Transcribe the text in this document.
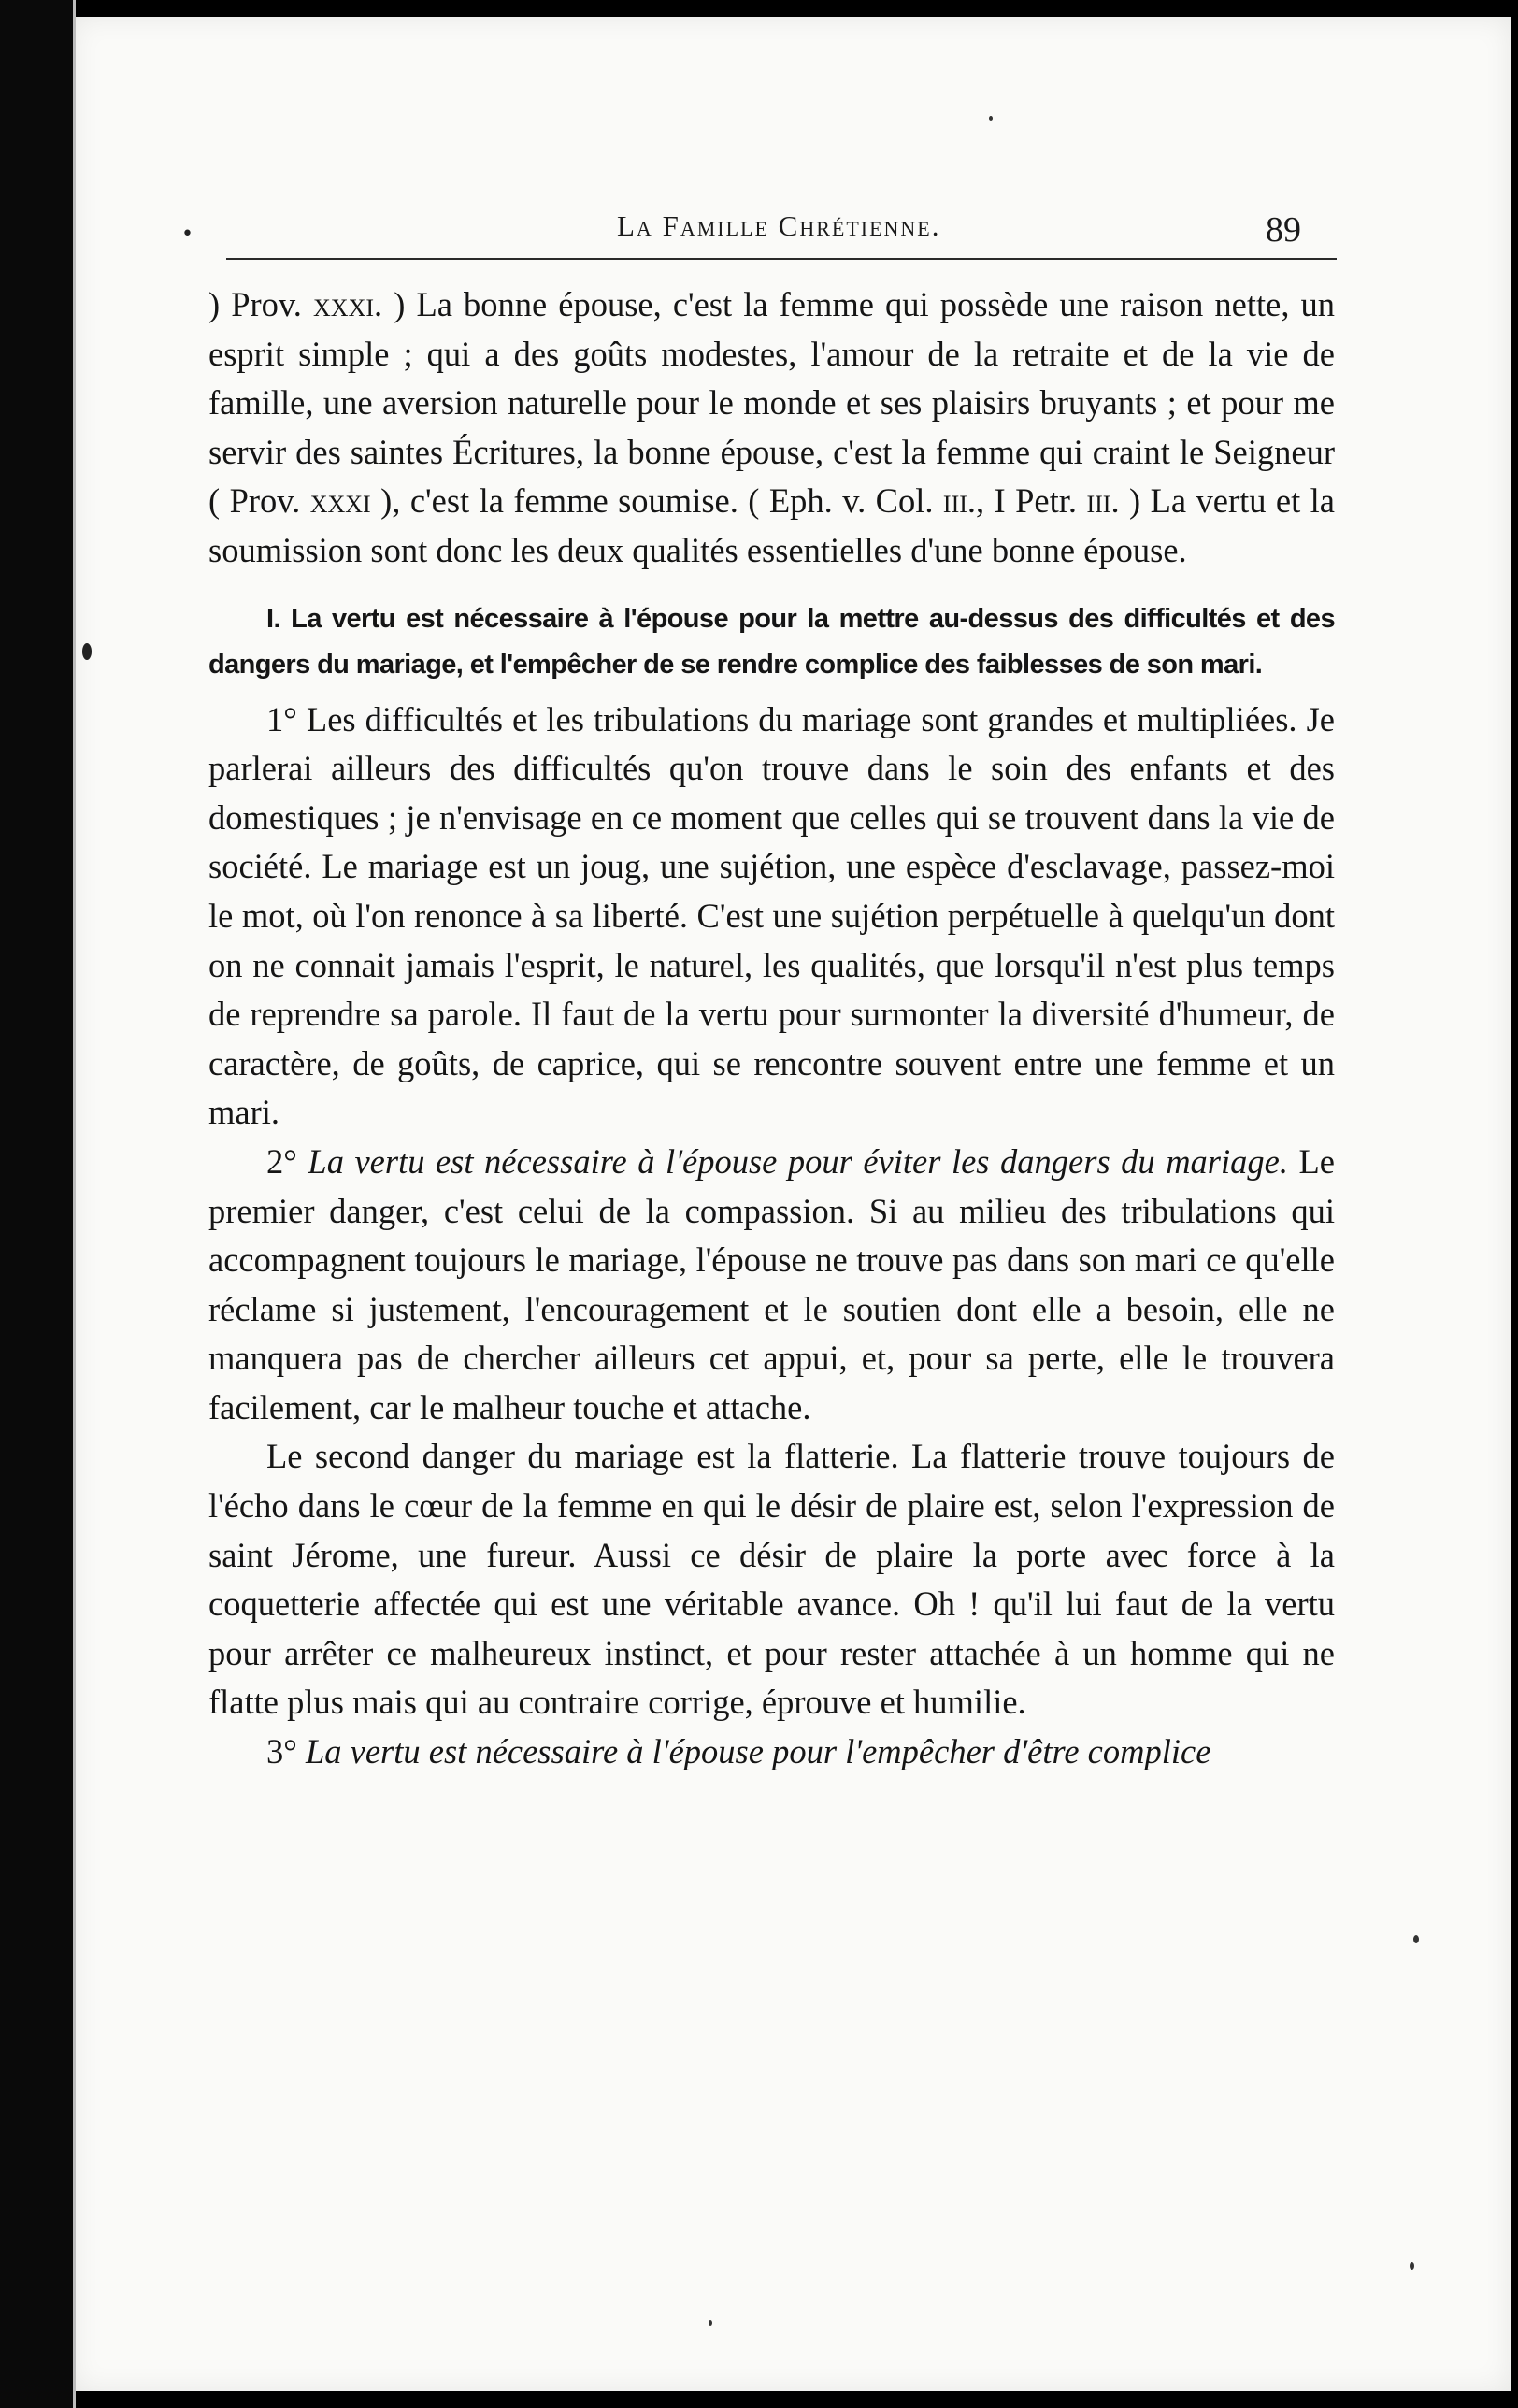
•	La Famille Chrétienne.	89

) Prov. xxxi. ) La bonne épouse, c'est la femme qui possède une raison nette, un esprit simple ; qui a des goûts modestes, l'amour de la retraite et de la vie de famille, une aversion naturelle pour le monde et ses plaisirs bruyants ; et pour me servir des saintes Écritures, la bonne épouse, c'est la femme qui craint le Seigneur ( Prov. xxxi ), c'est la femme soumise. ( Eph. v. Col. iii., I Petr. iii. ) La vertu et la soumission sont donc les deux qualités essentielles d'une bonne épouse.

I. La vertu est nécessaire à l'épouse pour la mettre au-dessus des difficultés et des dangers du mariage, et l'empêcher de se rendre complice des faiblesses de son mari.

1° Les difficultés et les tribulations du mariage sont grandes et multipliées. Je parlerai ailleurs des difficultés qu'on trouve dans le soin des enfants et des domestiques ; je n'envisage en ce moment que celles qui se trouvent dans la vie de société. Le mariage est un joug, une sujétion, une espèce d'esclavage, passez-moi le mot, où l'on renonce à sa liberté. C'est une sujétion perpétuelle à quelqu'un dont on ne connait jamais l'esprit, le naturel, les qualités, que lorsqu'il n'est plus temps de reprendre sa parole. Il faut de la vertu pour surmonter la diversité d'humeur, de caractère, de goûts, de caprice, qui se rencontre souvent entre une femme et un mari.

2° La vertu est nécessaire à l'épouse pour éviter les dangers du mariage. Le premier danger, c'est celui de la compassion. Si au milieu des tribulations qui accompagnent toujours le mariage, l'épouse ne trouve pas dans son mari ce qu'elle réclame si justement, l'encouragement et le soutien dont elle a besoin, elle ne manquera pas de chercher ailleurs cet appui, et, pour sa perte, elle le trouvera facilement, car le malheur touche et attache.

Le second danger du mariage est la flatterie. La flatterie trouve toujours de l'écho dans le cœur de la femme en qui le désir de plaire est, selon l'expression de saint Jérome, une fureur. Aussi ce désir de plaire la porte avec force à la coquetterie affectée qui est une véritable avance. Oh ! qu'il lui faut de la vertu pour arrêter ce malheureux instinct, et pour rester attachée à un homme qui ne flatte plus mais qui au contraire corrige, éprouve et humilie.

3° La vertu est nécessaire à l'épouse pour l'empêcher d'être complice
